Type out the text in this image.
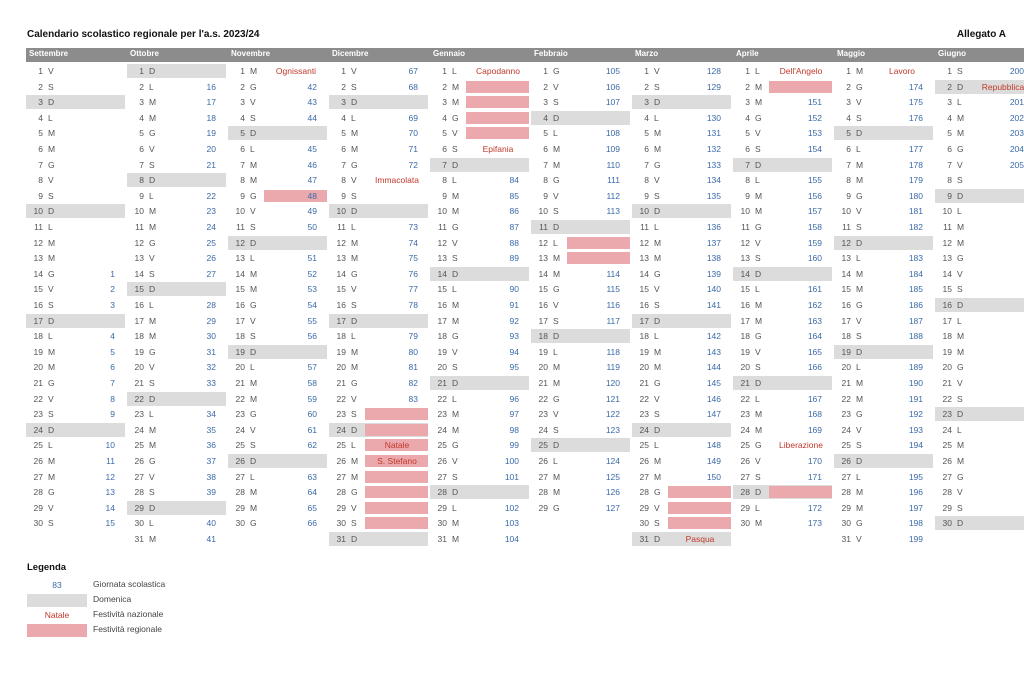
Calendario scolastico regionale per l'a.s. 2023/24	Allegato A
Settembre
1 V
2 S
3 D
4 L
5 M
6 M
7 G
8 V
9 S
10 D
11 L
12 M
13 M
14 G	1
15 V	2
16 S	3
17 D
18 L	4
19 M	5
20 M	6
21 G	7
22 V	8
23 S	9
24 D
25 L	10
26 M	11
27 M	12
28 G	13
29 V	14
30 S	15
Ottobre
1 D
2 L	16
3 M	17
4 M	18
5 G	19
6 V	20
7 S	21
8 D
9 L	22
10 M	23
11 M	24
12 G	25
13 V	26
14 S	27
15 D
16 L	28
17 M	29
18 M	30
19 G	31
20 V	32
21 S	33
22 D
23 L	34
24 M	35
25 M	36
26 G	37
27 V	38
28 S	39
29 D
30 L	40
31 M	41
Novembre
1 M	Ognissanti
2 G	42
3 V	43
4 S	44
5 D
6 L	45
7 M	46
8 M	47
9 G	48
10 V	49
11 S	50
12 D
13 L	51
14 M	52
15 M	53
16 G	54
17 V	55
18 S	56
19 D
20 L	57
21 M	58
22 M	59
23 G	60
24 V	61
25 S	62
26 D
27 L	63
28 M	64
29 M	65
30 G	66
Dicembre
1 V	67
2 S	68
3 D
4 L	69
5 M	70
6 M	71
7 G	72
8 V	Immacolata
9 S
10 D
11 L	73
12 M	74
13 M	75
14 G	76
15 V	77
16 S	78
17 D
18 L	79
19 M	80
20 M	81
21 G	82
22 V	83
23 S
24 D
25 L	Natale
26 M	S. Stefano
27 M
28 G
29 V
30 S
31 D
Gennaio
1 L	Capodanno
2 M
3 M
4 G
5 V
6 S	Epifania
7 D
8 L	84
9 M	85
10 M	86
11 G	87
12 V	88
13 S	89
14 D
15 L	90
16 M	91
17 M	92
18 G	93
19 V	94
20 S	95
21 D
22 L	96
23 M	97
24 M	98
25 G	99
26 V	100
27 S	101
28 D
29 L	102
30 M	103
31 M	104
Febbraio
1 G	105
2 V	106
3 S	107
4 D
5 L	108
6 M	109
7 M	110
8 G	111
9 V	112
10 S	113
11 D
12 L
13 M
14 M	114
15 G	115
16 V	116
17 S	117
18 D
19 L	118
20 M	119
21 M	120
22 G	121
23 V	122
24 S	123
25 D
26 L	124
27 M	125
28 M	126
29 G	127
Marzo
1 V	128
2 S	129
3 D
4 L	130
5 M	131
6 M	132
7 G	133
8 V	134
9 S	135
10 D
11 L	136
12 M	137
13 M	138
14 G	139
15 V	140
16 S	141
17 D
18 L	142
19 M	143
20 M	144
21 G	145
22 V	146
23 S	147
24 D
25 L	148
26 M	149
27 M	150
28 G
29 V
30 S
31 D	Pasqua
Aprile
1 L	Dell'Angelo
2 M
3 M	151
4 G	152
5 V	153
6 S	154
7 D
8 L	155
9 M	156
10 M	157
11 G	158
12 V	159
13 S	160
14 D
15 L	161
16 M	162
17 M	163
18 G	164
19 V	165
20 S	166
21 D
22 L	167
23 M	168
24 M	169
25 G	Liberazione
26 V	170
27 S	171
28 D
29 L	172
30 M	173
Maggio
1 M	Lavoro
2 G	174
3 V	175
4 S	176
5 D
6 L	177
7 M	178
8 M	179
9 G	180
10 V	181
11 S	182
12 D
13 L	183
14 M	184
15 M	185
16 G	186
17 V	187
18 S	188
19 D
20 L	189
21 M	190
22 M	191
23 G	192
24 V	193
25 S	194
26 D
27 L	195
28 M	196
29 M	197
30 G	198
31 V	199
Giugno
1 S	200
2 D	Repubblica
3 L	201
4 M	202
5 M	203
6 G	204
7 V	205
8 S
9 D
10 L
11 M
12 M
13 G
14 V
15 S
16 D
17 L
18 M
19 M
20 G
21 V
22 S
23 D
24 L
25 M
26 M
27 G
28 V
29 S
30 D
Legenda
83	Giornata scolastica
Domenica
Natale	Festività nazionale
Festività regionale
